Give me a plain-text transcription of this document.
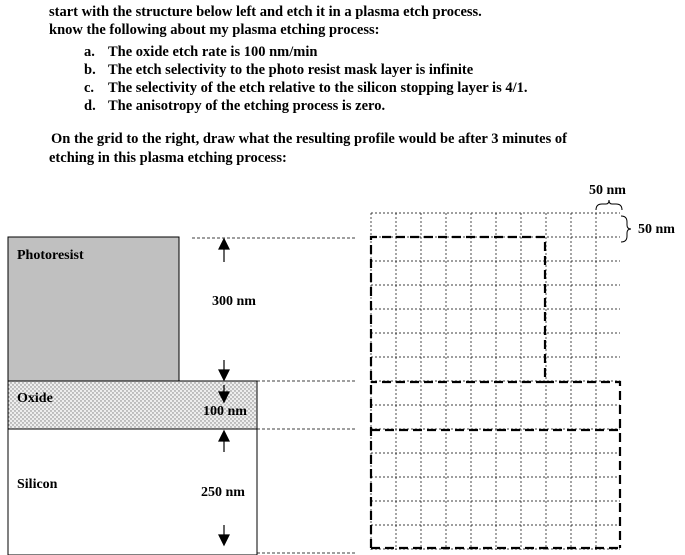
start with the structure below left and etch it in a plasma etch process.
know the following about my plasma etching process:
a. The oxide etch rate is 100 nm/min
b. The etch selectivity to the photo resist mask layer is infinite
c. The selectivity of the etch relative to the silicon stopping layer is 4/1.
d. The anisotropy of the etching process is zero.
On the grid to the right, draw what the resulting profile would be after 3 minutes of
etching in this plasma etching process:
Photoresist
Oxide
Silicon
300 nm
100 nm
250 nm
50 nm
50 nm
